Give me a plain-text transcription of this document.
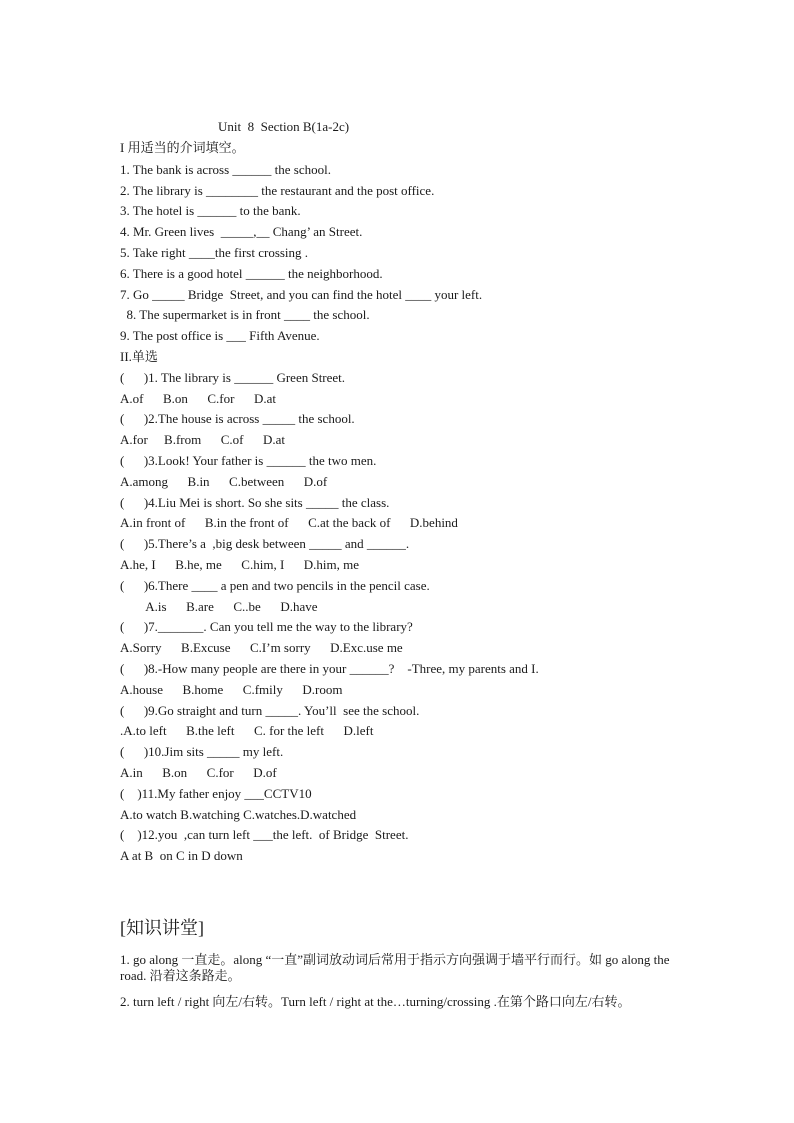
Unit  8  Section B(1a-2c)
I 用适当的介词填空。
1. The bank is across ______ the school.
2. The library is ________ the restaurant and the post office.
3. The hotel is ______ to the bank.
4. Mr. Green lives  _____,__ Chang’ an Street.
5. Take right ____the first crossing .
6. There is a good hotel ______ the neighborhood.
7. Go _____ Bridge  Street, and you can find the hotel ____ your left.
8. The supermarket is in front ____ the school.
9. The post office is ___ Fifth Avenue.
II.单选
(      )1. The library is ______ Green Street.
A.of      B.on      C.for      D.at
(      )2.The house is across _____ the school.
A.for     B.from      C.of      D.at
(      )3.Look! Your father is ______ the two men.
A.among      B.in      C.between      D.of
(      )4.Liu Mei is short. So she sits _____ the class.
A.in front of      B.in the front of      C.at the back of      D.behind
(      )5.There’s a  ,big desk between _____ and ______.
A.he, I      B.he, me      C.him, I      D.him, me
(      )6.There ____ a pen and two pencils in the pencil case.
A.is      B.are      C..be      D.have
(      )7._______. Can you tell me the way to the library?
A.Sorry      B.Excuse      C.I’m sorry      D.Exc.use me
(      )8.-How many people are there in your ______?    -Three, my parents and I.
A.house      B.home      C.fmily      D.room
(      )9.Go straight and turn _____. You’ll  see the school.
.A.to left      B.the left      C. for the left      D.left
(      )10.Jim sits _____ my left.
A.in      B.on      C.for      D.of
(    )11.My father enjoy ___CCTV10
A.to watch B.watching C.watches.D.watched
(    )12.you  ,can turn left ___the left.  of Bridge  Street.
A at B  on C in D down
[知识讲堂]
1. go along 一直走。along “一直”副词放动词后常用于指示方向强调于墙平行而行。如 go along the road. 沿着这条路走。
2. turn left / right 向左/右转。Turn left / right at the…turning/crossing .在第个路口向左/右转。
